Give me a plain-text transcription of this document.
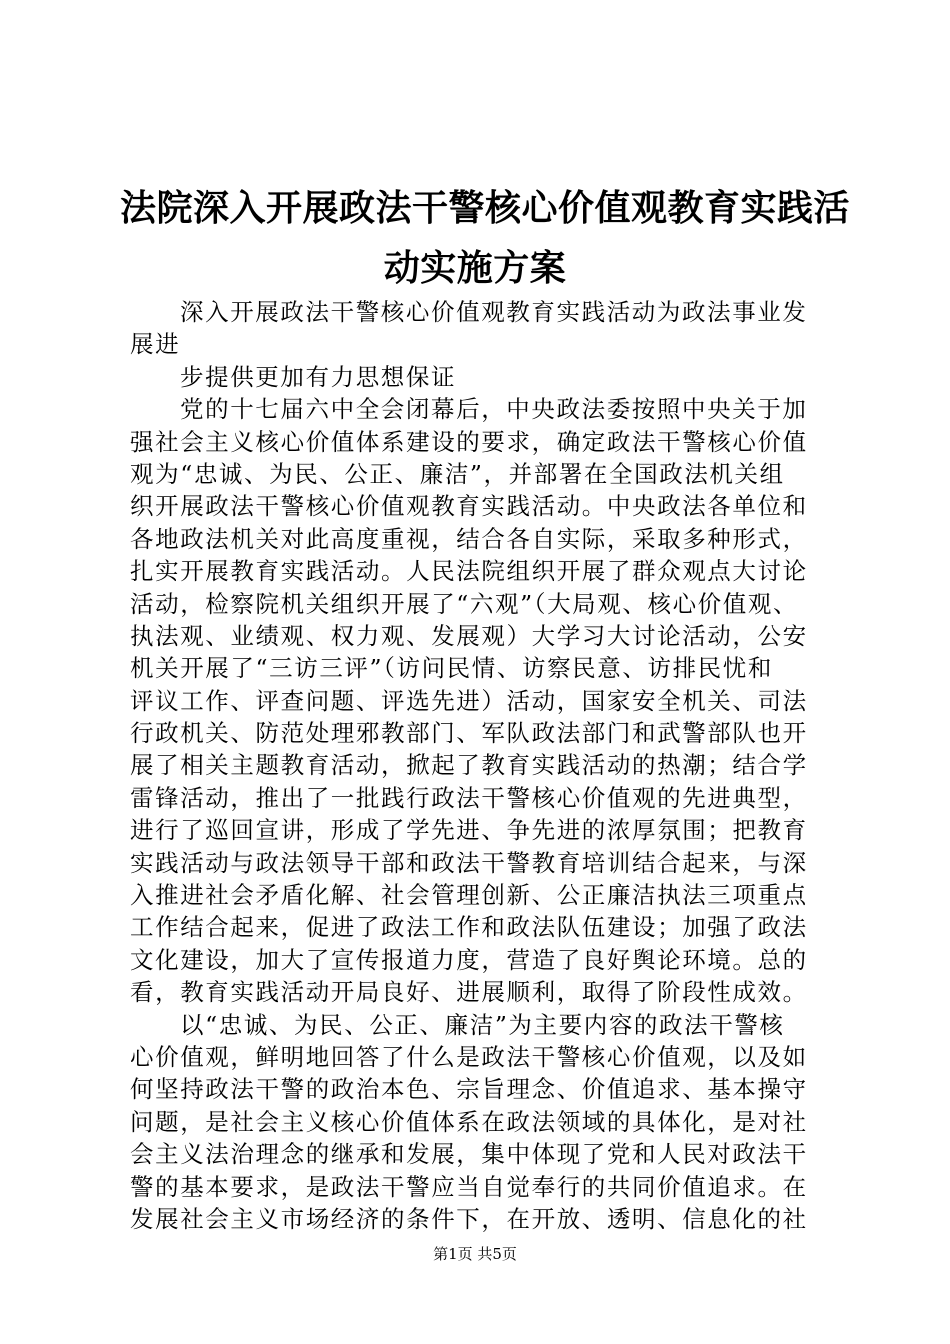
法院深入开展政法干警核心价值观教育实践活
动实施方案
深入开展政法干警核心价值观教育实践活动为政法事业发
展进
步提供更加有力思想保证
党的十七届六中全会闭幕后，中央政法委按照中央关于加
强社会主义核心价值体系建设的要求，确定政法干警核心价值
观为“忠诚、为民、公正、廉洁”，并部署在全国政法机关组
织开展政法干警核心价值观教育实践活动。中央政法各单位和
各地政法机关对此高度重视，结合各自实际，采取多种形式，
扎实开展教育实践活动。人民法院组织开展了群众观点大讨论
活动，检察院机关组织开展了“六观”（大局观、核心价值观、
执法观、业绩观、权力观、发展观）大学习大讨论活动，公安
机关开展了“三访三评”（访问民情、访察民意、访排民忧和
评议工作、评查问题、评选先进）活动，国家安全机关、司法
行政机关、防范处理邪教部门、军队政法部门和武警部队也开
展了相关主题教育活动，掀起了教育实践活动的热潮；结合学
雷锋活动，推出了一批践行政法干警核心价值观的先进典型，
进行了巡回宣讲，形成了学先进、争先进的浓厚氛围；把教育
实践活动与政法领导干部和政法干警教育培训结合起来，与深
入推进社会矛盾化解、社会管理创新、公正廉洁执法三项重点
工作结合起来，促进了政法工作和政法队伍建设；加强了政法
文化建设，加大了宣传报道力度，营造了良好舆论环境。总的
看，教育实践活动开局良好、进展顺利，取得了阶段性成效。
以“忠诚、为民、公正、廉洁”为主要内容的政法干警核
心价值观，鲜明地回答了什么是政法干警核心价值观，以及如
何坚持政法干警的政治本色、宗旨理念、价值追求、基本操守
问题，是社会主义核心价值体系在政法领域的具体化，是对社
会主义法治理念的继承和发展，集中体现了党和人民对政法干
警的基本要求，是政法干警应当自觉奉行的共同价值追求。在
发展社会主义市场经济的条件下，在开放、透明、信息化的社
第1页 共5页
